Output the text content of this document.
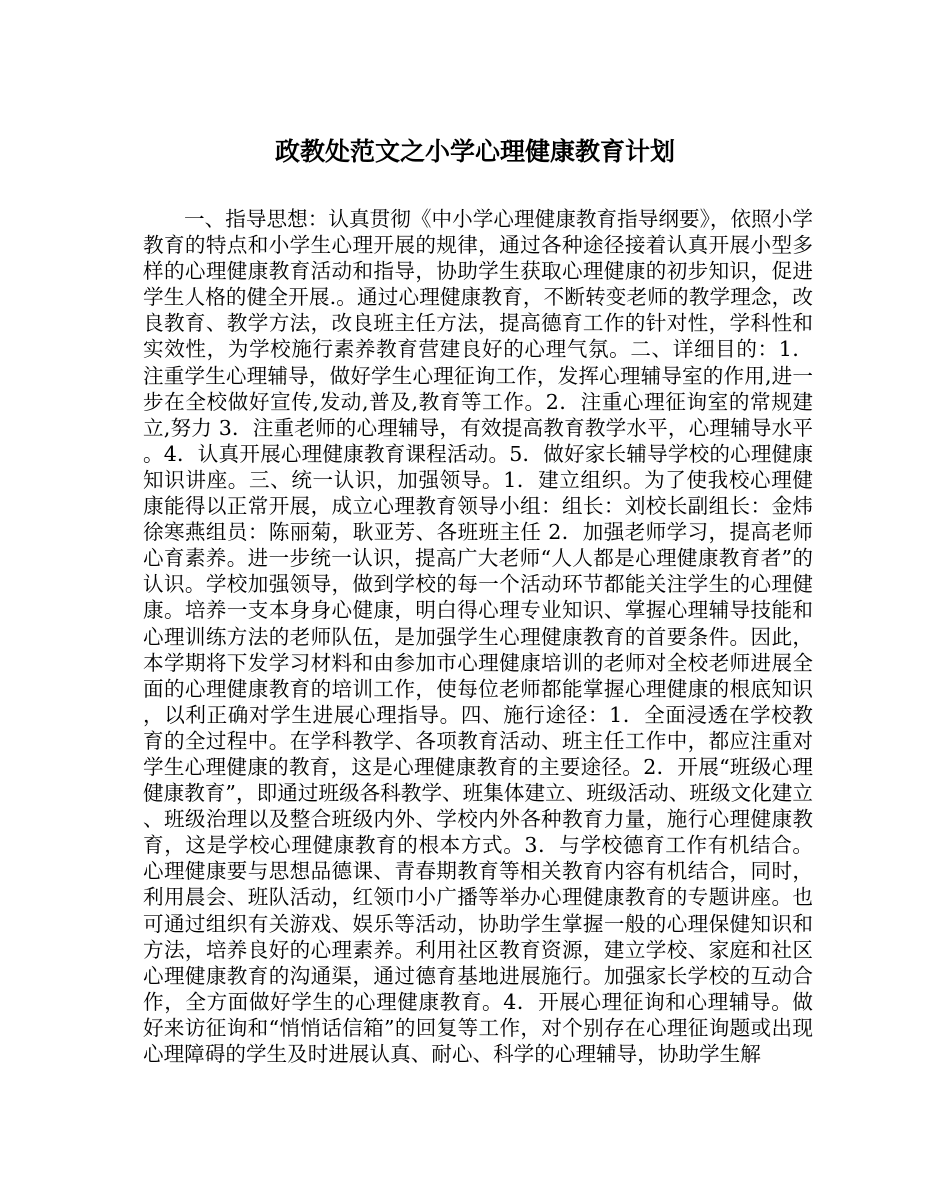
政教处范文之小学心理健康教育计划

一、指导思想：认真贯彻《中小学心理健康教育指导纲要》，依照小学教育的特点和小学生心理开展的规律，通过各种途径接着认真开展小型多样的心理健康教育活动和指导，协助学生获取心理健康的初步知识，促进学生人格的健全开展.。通过心理健康教育，不断转变老师的教学理念，改良教育、教学方法，改良班主任方法，提高德育工作的针对性，学科性和实效性，为学校施行素养教育营建良好的心理气氛。二、详细目的：1．注重学生心理辅导，做好学生心理征询工作，发挥心理辅导室的作用,进一步在全校做好宣传,发动,普及,教育等工作。2．注重心理征询室的常规建立,努力 3．注重老师的心理辅导，有效提高教育教学水平，心理辅导水平。4．认真开展心理健康教育课程活动。5．做好家长辅导学校的心理健康知识讲座。三、统一认识，加强领导。1．建立组织。为了使我校心理健康能得以正常开展，成立心理教育领导小组：组长：刘校长副组长：金炜 徐寒燕组员：陈丽菊，耿亚芳、各班班主任 2．加强老师学习，提高老师心育素养。进一步统一认识，提高广大老师“人人都是心理健康教育者”的认识。学校加强领导，做到学校的每一个活动环节都能关注学生的心理健康。培养一支本身身心健康，明白得心理专业知识、掌握心理辅导技能和心理训练方法的老师队伍，是加强学生心理健康教育的首要条件。因此，本学期将下发学习材料和由参加市心理健康培训的老师对全校老师进展全面的心理健康教育的培训工作，使每位老师都能掌握心理健康的根底知识，以利正确对学生进展心理指导。四、施行途径：1．全面浸透在学校教育的全过程中。在学科教学、各项教育活动、班主任工作中，都应注重对学生心理健康的教育，这是心理健康教育的主要途径。2．开展“班级心理健康教育”，即通过班级各科教学、班集体建立、班级活动、班级文化建立、班级治理以及整合班级内外、学校内外各种教育力量，施行心理健康教育，这是学校心理健康教育的根本方式。3．与学校德育工作有机结合。心理健康要与思想品德课、青春期教育等相关教育内容有机结合，同时，利用晨会、班队活动，红领巾小广播等举办心理健康教育的专题讲座。也可通过组织有关游戏、娱乐等活动，协助学生掌握一般的心理保健知识和方法，培养良好的心理素养。利用社区教育资源，建立学校、家庭和社区心理健康教育的沟通渠，通过德育基地进展施行。加强家长学校的互动合作，全方面做好学生的心理健康教育。4．开展心理征询和心理辅导。做好来访征询和“悄悄话信箱”的回复等工作，对个别存在心理征询题或出现心理障碍的学生及时进展认真、耐心、科学的心理辅导，协助学生解
